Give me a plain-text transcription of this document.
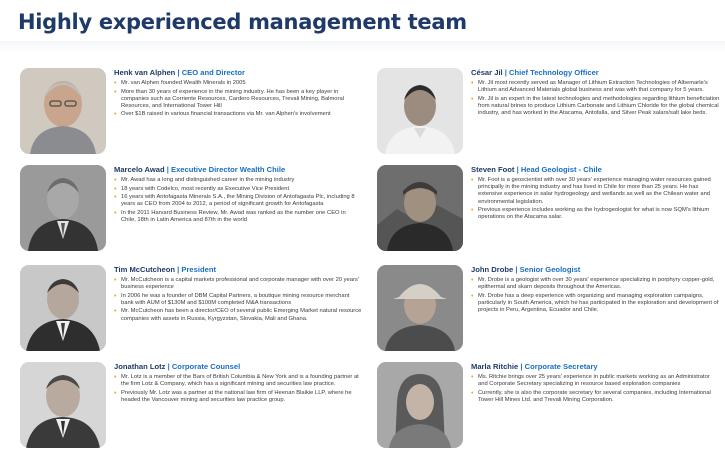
Highly experienced management team

Henk van Alphen | CEO and Director

• Mr. van Alphen founded Wealth Minerals in 2005
• More than 30 years of experience in the mining industry. He has been a key player in companies such as Corriente Resources, Cardero Resources, Trevali Mining, Balmoral Resources, and International Tower Hill
• Over $1B raised in various financial transactions via Mr. van Alphen's involvement

Marcelo Awad | Executive Director Wealth Chile

• Mr. Awad has a long and distinguished career in the mining industry
• 18 years with Codelco, most recently as Executive Vice President
• 16 years with Antofagasta Minerals S.A., the Mining Division of Antofagasta Plc, including 8 years as CEO from 2004 to 2012, a period of significant growth for Antofagasta
• In the 2011 Harvard Business Review, Mr. Awad was ranked as the number one CEO in Chile, 18th in Latin America and 87th in the world

Tim McCutcheon | President

• Mr. McCutcheon is a capital markets professional and corporate manager with over 20 years' business experience
• In 2006 he was a founder of DBM Capital Partners, a boutique mining resource merchant bank with AUM of $130M and $100M completed M&A transactions
• Mr. McCutcheon has been a director/CEO of several public Emerging Market natural resource companies with assets in Russia, Kyrgyzstan, Slovakia, Mali and Ghana.

Jonathan Lotz | Corporate Counsel

• Mr. Lotz is a member of the Bars of British Columbia & New York and is a founding partner at the firm Lotz & Company, which has a significant mining and securities law practice.
• Previously Mr. Lotz was a partner at the national law firm of Heenan Blaikie LLP, where he headed the Vancouver mining and securities law practice group.

César Jil | Chief Technology Officer

• Mr. Jil most recently served as Manager of Lithium Extraction Technologies of Albemarle's Lithium and Advanced Materials global business and was with that company for 5 years.
• Mr. Jil is an expert in the latest technologies and methodologies regarding lithium beneficiation from natural brines to produce Lithium Carbonate and Lithium Chloride for the global chemical industry, and has worked in the Atacama, Antofalla, and Silver Peak salars/salt lake beds.

Steven Foot | Head Geologist - Chile

• Mr. Foot is a geoscientist with over 30 years' experience managing water resources gained principally in the mining industry and has lived in Chile for more than 25 years. He has extensive experience in salar hydrogeology and wetlands as well as the Chilean water and environmental legislation.
• Previous experience includes working as the hydrogeologist for what is now SQM's lithium operations on the Atacama salar.

John Drobe | Senior Geologist

• Mr. Drobe is a geologist with over 30 years' experience specializing in porphyry copper-gold, epithermal and skarn deposits throughout the Americas.
• Mr. Drobe has a deep experience with organizing and managing exploration campaigns, particularly in South America, which he has participated in the exploration and development of projects in Peru, Argentina, Ecuador and Chile.

Marla Ritchie | Corporate Secretary

• Ms. Ritchie brings over 25 years' experience in public markets working as an Administrator and Corporate Secretary specializing in resource based exploration companies
• Currently, she is also the corporate secretary for several companies, including International Tower Hill Mines Ltd. and Trevali Mining Corporation.
